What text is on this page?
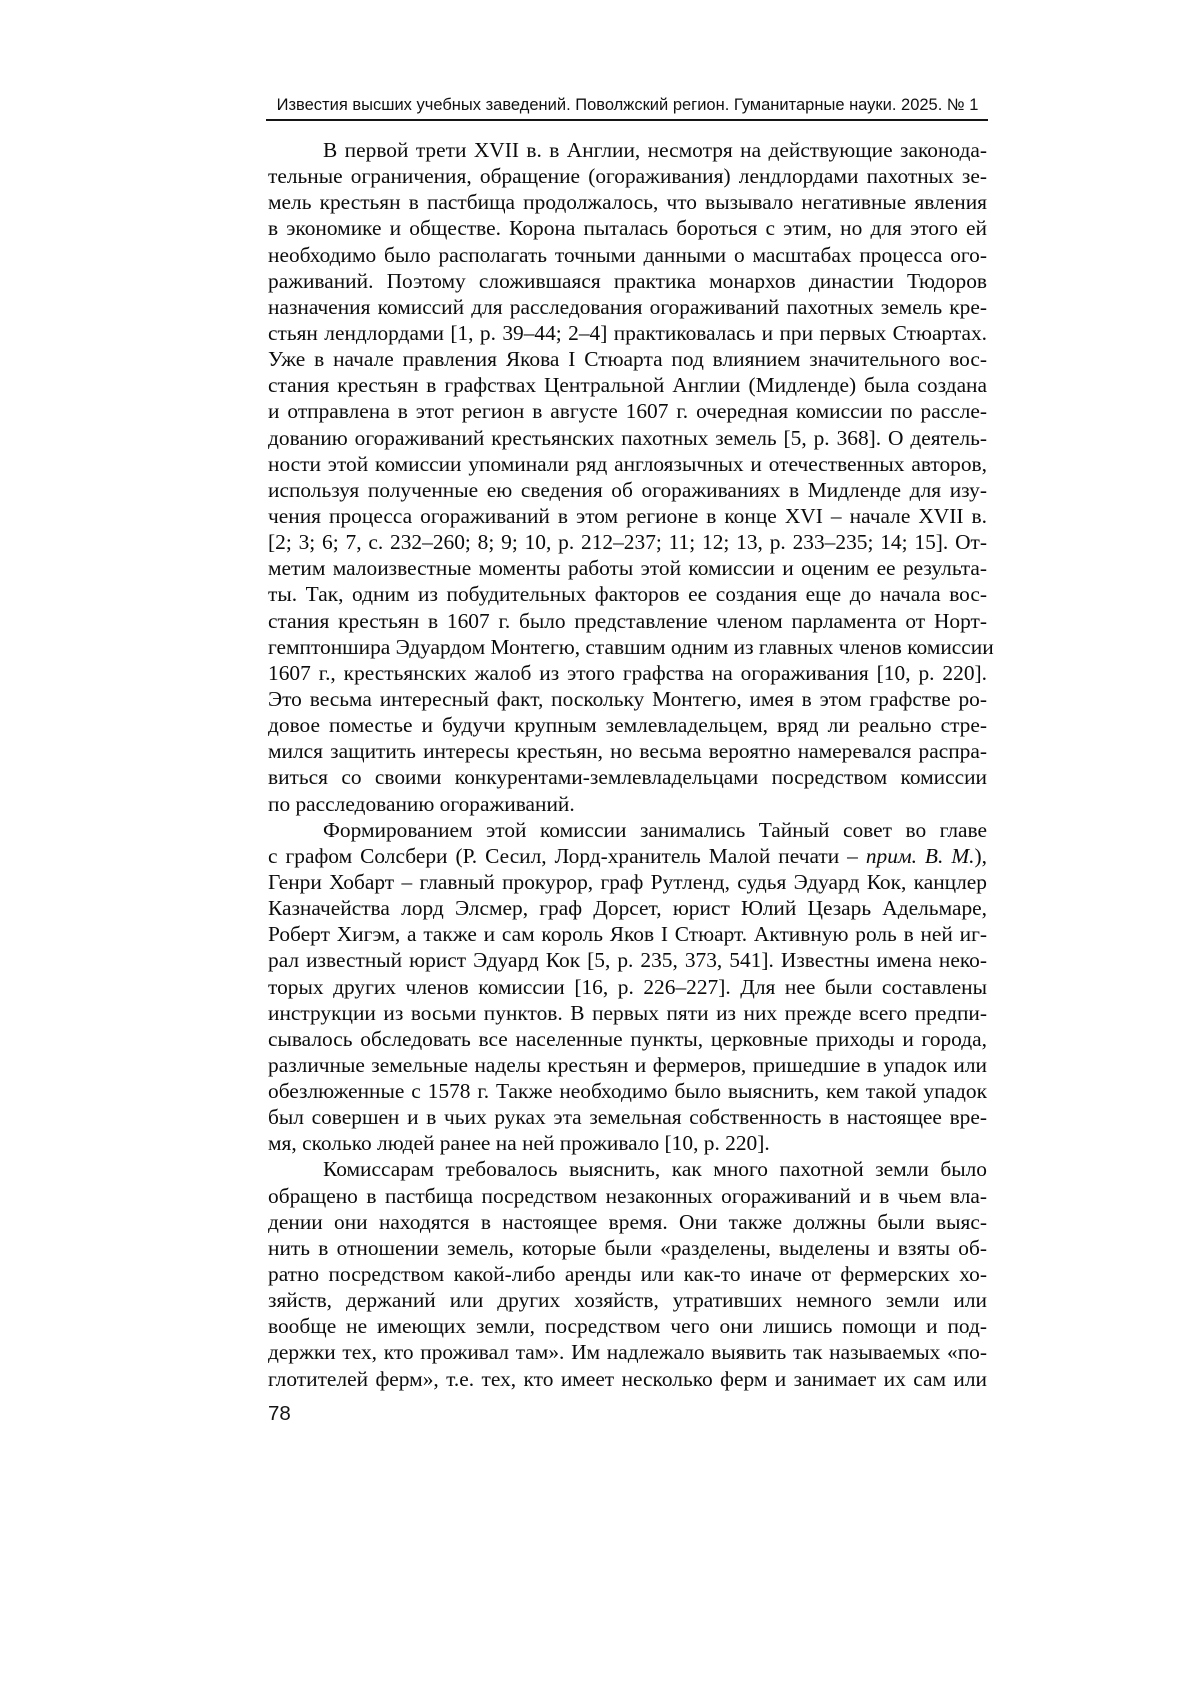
Известия высших учебных заведений. Поволжский регион. Гуманитарные науки. 2025. № 1
В первой трети XVII в. в Англии, несмотря на действующие законода-
тельные ограничения, обращение (огораживания) лендлордами пахотных зе-
мель крестьян в пастбища продолжалось, что вызывало негативные явления
в экономике и обществе. Корона пыталась бороться с этим, но для этого ей
необходимо было располагать точными данными о масштабах процесса ого-
раживаний. Поэтому сложившаяся практика монархов династии Тюдоров
назначения комиссий для расследования огораживаний пахотных земель кре-
стьян лендлордами [1, p. 39–44; 2–4] практиковалась и при первых Стюартах.
Уже в начале правления Якова I Стюарта под влиянием значительного вос-
стания крестьян в графствах Центральной Англии (Мидленде) была создана
и отправлена в этот регион в августе 1607 г. очередная комиссии по рассле-
дованию огораживаний крестьянских пахотных земель [5, p. 368]. О деятель-
ности этой комиссии упоминали ряд англоязычных и отечественных авторов,
используя полученные ею сведения об огораживаниях в Мидленде для изу-
чения процесса огораживаний в этом регионе в конце XVI – начале XVII в.
[2; 3; 6; 7, с. 232–260; 8; 9; 10, p. 212–237; 11; 12; 13, p. 233–235; 14; 15]. От-
метим малоизвестные моменты работы этой комиссии и оценим ее результа-
ты. Так, одним из побудительных факторов ее создания еще до начала вос-
стания крестьян в 1607 г. было представление членом парламента от Норт-
гемптоншира Эдуардом Монтегю, ставшим одним из главных членов комиссии
1607 г., крестьянских жалоб из этого графства на огораживания [10, p. 220].
Это весьма интересный факт, поскольку Монтегю, имея в этом графстве ро-
довое поместье и будучи крупным землевладельцем, вряд ли реально стре-
мился защитить интересы крестьян, но весьма вероятно намеревался распра-
виться со своими конкурентами-землевладельцами посредством комиссии
по расследованию огораживаний.
Формированием этой комиссии занимались Тайный совет во главе
с графом Солсбери (Р. Сесил, Лорд-хранитель Малой печати – прим. В. М.),
Генри Хобарт – главный прокурор, граф Рутленд, судья Эдуард Кок, канцлер
Казначейства лорд Элсмер, граф Дорсет, юрист Юлий Цезарь Адельмаре,
Роберт Хигэм, а также и сам король Яков I Стюарт. Активную роль в ней иг-
рал известный юрист Эдуард Кок [5, p. 235, 373, 541]. Известны имена неко-
торых других членов комиссии [16, p. 226–227]. Для нее были составлены
инструкции из восьми пунктов. В первых пяти из них прежде всего предпи-
сывалось обследовать все населенные пункты, церковные приходы и города,
различные земельные наделы крестьян и фермеров, пришедшие в упадок или
обезлюженные с 1578 г. Также необходимо было выяснить, кем такой упадок
был совершен и в чьих руках эта земельная собственность в настоящее вре-
мя, сколько людей ранее на ней проживало [10, p. 220].
Комиссарам требовалось выяснить, как много пахотной земли было
обращено в пастбища посредством незаконных огораживаний и в чьем вла-
дении они находятся в настоящее время. Они также должны были выяс-
нить в отношении земель, которые были «разделены, выделены и взяты об-
ратно посредством какой-либо аренды или как-то иначе от фермерских хо-
зяйств, держаний или других хозяйств, утративших немного земли или
вообще не имеющих земли, посредством чего они лишись помощи и под-
держки тех, кто проживал там». Им надлежало выявить так называемых «по-
глотителей ферм», т.е. тех, кто имеет несколько ферм и занимает их сам или
78
